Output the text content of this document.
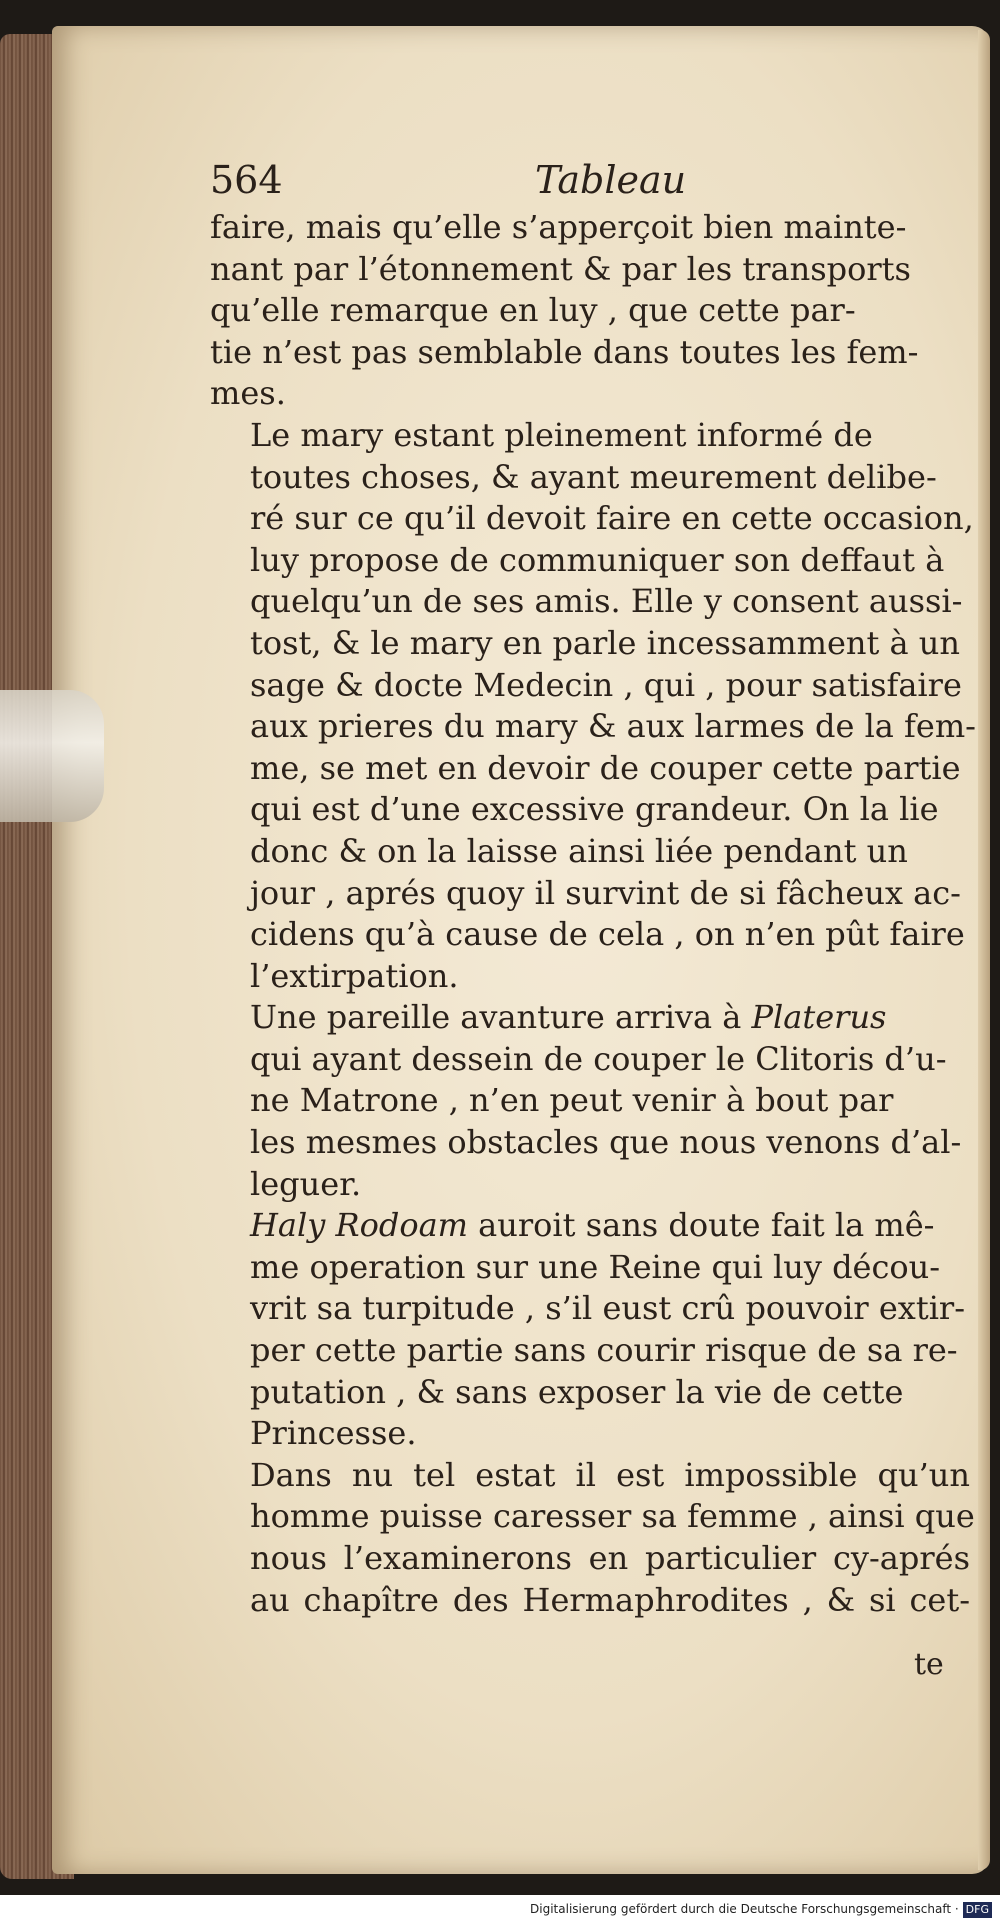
564	Tableau

faire, mais qu’elle s’apperçoit bien mainte-
nant par l’étonnement & par les transports
qu’elle remarque en luy , que cette par-
tie n’est pas semblable dans toutes les fem-
mes.

Le mary estant pleinement informé de
toutes choses, & ayant meurement delibe-
ré sur ce qu’il devoit faire en cette occasion,
luy propose de communiquer son deffaut à
quelqu’un de ses amis. Elle y consent aussi-
tost, & le mary en parle incessamment à un
sage & docte Medecin , qui , pour satisfaire
aux prieres du mary & aux larmes de la fem-
me, se met en devoir de couper cette partie
qui est d’une excessive grandeur. On la lie
donc & on la laisse ainsi liée pendant un
jour , aprés quoy il survint de si fâcheux ac-
cidens qu’à cause de cela , on n’en pût faire
l’extirpation.

Une pareille avanture arriva à Platerus
qui ayant dessein de couper le Clitoris d’u-
ne Matrone , n’en peut venir à bout par
les mesmes obstacles que nous venons d’al-
leguer.

Haly Rodoam auroit sans doute fait la mê-
me operation sur une Reine qui luy décou-
vrit sa turpitude , s’il eust crû pouvoir extir-
per cette partie sans courir risque de sa re-
putation , & sans exposer la vie de cette
Princesse.

Dans nu tel estat il est impossible qu’un
homme puisse caresser sa femme , ainsi que
nous l’examinerons en particulier cy-aprés
au chapître des Hermaphrodites , & si cet-

te
Digitalisierung gefördert durch die Deutsche Forschungsgemeinschaft · DFG
